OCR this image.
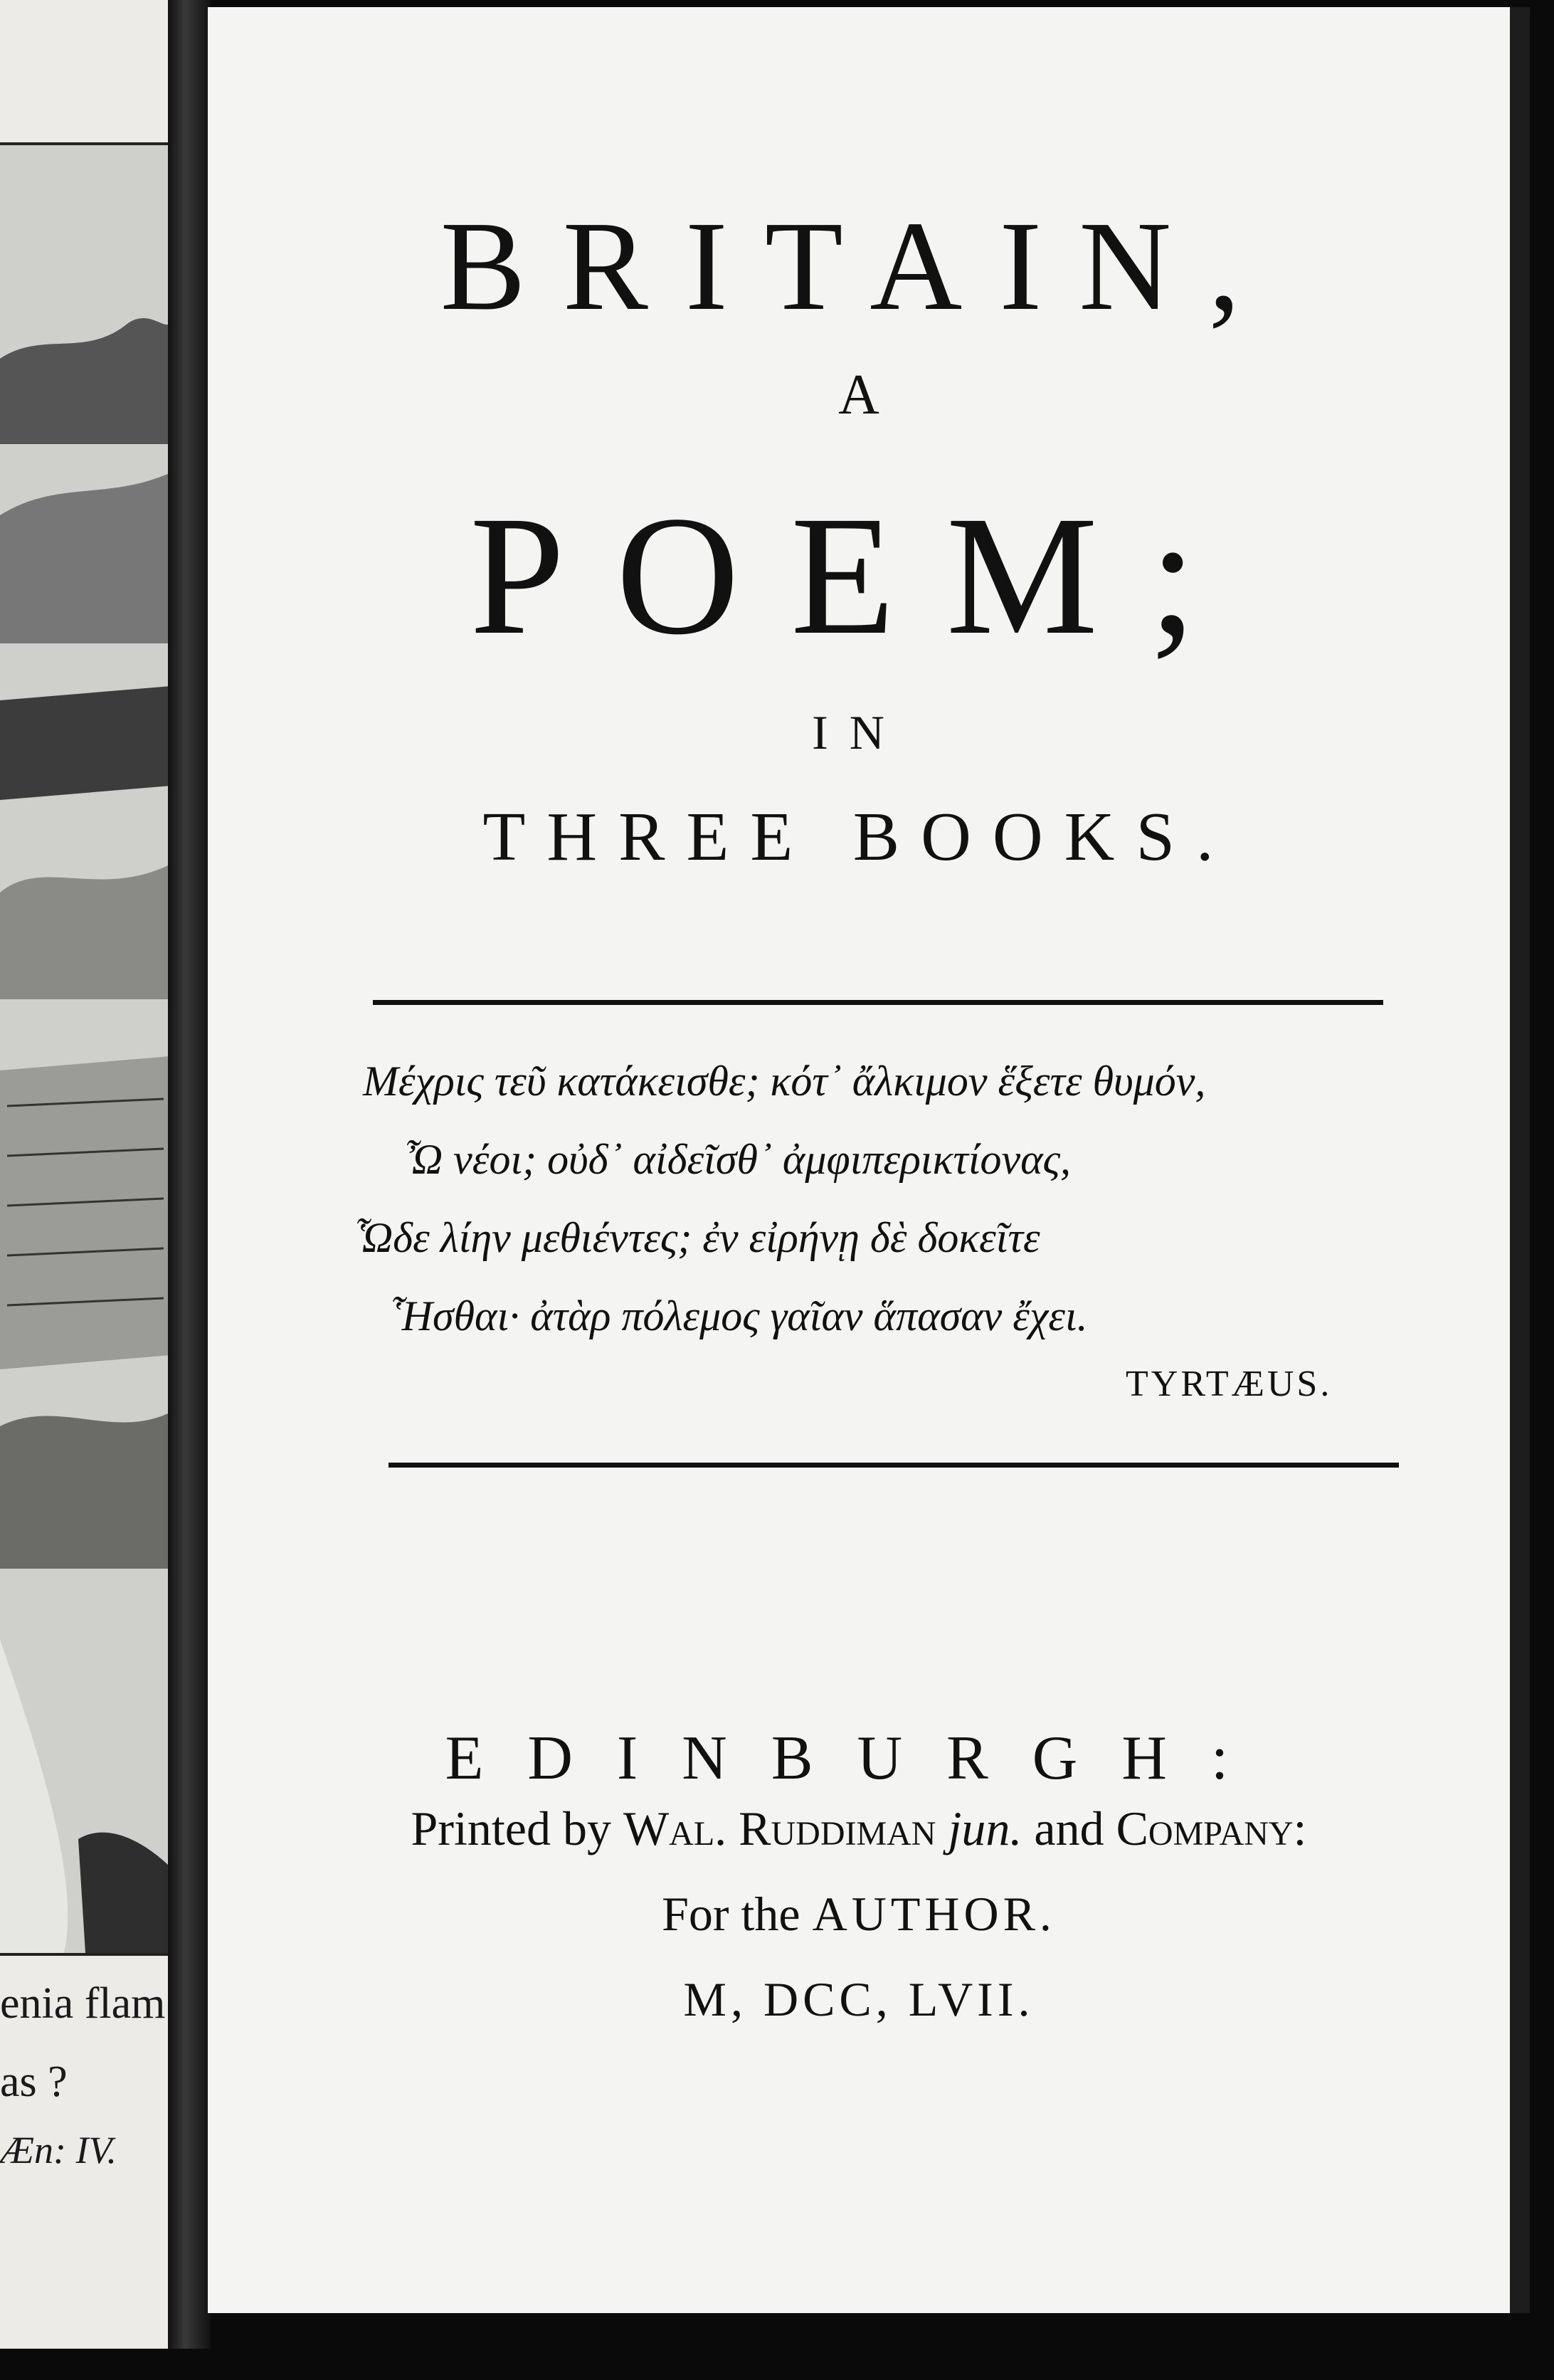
enia flam
as ?
Æn: IV.
BRITAIN,
A
POEM;
IN
THREE BOOKS.
Μέχρις τεῦ κατάκεισθε; κότ᾽ ἄλκιμον ἕξετε θυμόν,
Ὦ νέοι; οὐδ᾽ αἰδεῖσθ᾽ ἀμφιπερικτίονας,
Ὧδε λίην μεθιέντες; ἐν εἰρήνῃ δὲ δοκεῖτε
Ἧσθαι· ἀτὰρ πόλεμος γαῖαν ἅπασαν ἔχει.
TYRTÆUS.
EDINBURGH:
Printed by Wal. Ruddiman jun. and Company:
For the AUTHOR.
M, DCC, LVII.
